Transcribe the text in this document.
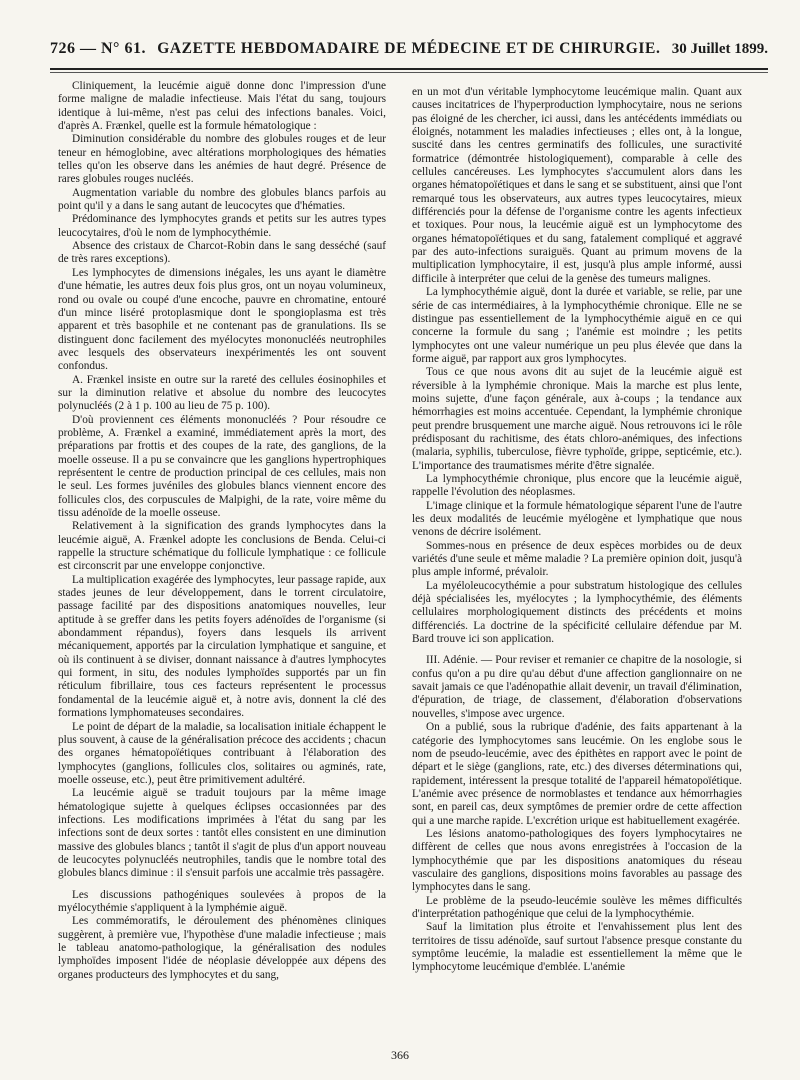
726 — N° 61. GAZETTE HEBDOMADAIRE DE MÉDECINE ET DE CHIRURGIE. 30 Juillet 1899.

Cliniquement, la leucémie aiguë donne donc l'impression d'une forme maligne de maladie infectieuse. Mais l'état du sang, toujours identique à lui-même, n'est pas celui des infections banales. Voici, d'après A. Frænkel, quelle est la formule hématologique :

Diminution considérable du nombre des globules rouges et de leur teneur en hémoglobine, avec altérations morphologiques des hématies telles qu'on les observe dans les anémies de haut degré. Présence de rares globules rouges nucléés.

Augmentation variable du nombre des globules blancs parfois au point qu'il y a dans le sang autant de leucocytes que d'hématies.

Prédominance des lymphocytes grands et petits sur les autres types leucocytaires, d'où le nom de lymphocythémie.

Absence des cristaux de Charcot-Robin dans le sang desséché (sauf de très rares exceptions).

Les lymphocytes de dimensions inégales, les uns ayant le diamètre d'une hématie, les autres deux fois plus gros, ont un noyau volumineux, rond ou ovale ou coupé d'une encoche, pauvre en chromatine, entouré d'un mince liséré protoplasmique dont le spongioplasma est très apparent et très basophile et ne contenant pas de granulations. Ils se distinguent donc facilement des myélocytes mononucléés neutrophiles avec lesquels des observateurs inexpérimentés les ont souvent confondus.

A. Frænkel insiste en outre sur la rareté des cellules éosinophiles et sur la diminution relative et absolue du nombre des leucocytes polynucléés (2 à 1 p. 100 au lieu de 75 p. 100).

D'où proviennent ces éléments mononucléés ? Pour résoudre ce problème, A. Frænkel a examiné, immédiatement après la mort, des préparations par frottis et des coupes de la rate, des ganglions, de la moelle osseuse. Il a pu se convaincre que les ganglions hypertrophiques représentent le centre de production principal de ces cellules, mais non le seul. Les formes juvéniles des globules blancs viennent encore des follicules clos, des corpuscules de Malpighi, de la rate, voire même du tissu adénoïde de la moelle osseuse.

Relativement à la signification des grands lymphocytes dans la leucémie aiguë, A. Frænkel adopte les conclusions de Benda. Celui-ci rappelle la structure schématique du follicule lymphatique : ce follicule est circonscrit par une enveloppe conjonctive.

La multiplication exagérée des lymphocytes, leur passage rapide, aux stades jeunes de leur développement, dans le torrent circulatoire, passage facilité par des dispositions anatomiques nouvelles, leur aptitude à se greffer dans les petits foyers adénoïdes de l'organisme (si abondamment répandus), foyers dans lesquels ils arrivent mécaniquement, apportés par la circulation lymphatique et sanguine, et où ils continuent à se diviser, donnant naissance à d'autres lymphocytes qui forment, in situ, des nodules lymphoïdes supportés par un fin réticulum fibrillaire, tous ces facteurs représentent le processus fondamental de la leucémie aiguë et, à notre avis, donnent la clé des formations lymphomateuses secondaires.

Le point de départ de la maladie, sa localisation initiale échappent le plus souvent, à cause de la généralisation précoce des accidents ; chacun des organes hématopoïétiques contribuant à l'élaboration des lymphocytes (ganglions, follicules clos, solitaires ou agminés, rate, moelle osseuse, etc.), peut être primitivement adultéré.

La leucémie aiguë se traduit toujours par la même image hématologique sujette à quelques éclipses occasionnées par des infections. Les modifications imprimées à l'état du sang par les infections sont de deux sortes : tantôt elles consistent en une diminution massive des globules blancs ; tantôt il s'agit de plus d'un apport nouveau de leucocytes polynucléés neutrophiles, tandis que le nombre total des globules blancs diminue : il s'ensuit parfois une accalmie très passagère.

Les discussions pathogéniques soulevées à propos de la myélocythémie s'appliquent à la lymphémie aiguë.

Les commémoratifs, le déroulement des phénomènes cliniques suggèrent, à première vue, l'hypothèse d'une maladie infectieuse ; mais le tableau anatomo-pathologique, la généralisation des nodules lymphoïdes imposent l'idée de néoplasie développée aux dépens des organes producteurs des lymphocytes et du sang,

en un mot d'un véritable lymphocytome leucémique malin. Quant aux causes incitatrices de l'hyperproduction lymphocytaire, nous ne serions pas éloigné de les chercher, ici aussi, dans les antécédents immédiats ou éloignés, notamment les maladies infectieuses ; elles ont, à la longue, suscité dans les centres germinatifs des follicules, une suractivité formatrice (démontrée histologiquement), comparable à celle des cellules cancéreuses. Les lymphocytes s'accumulent alors dans les organes hématopoïétiques et dans le sang et se substituent, ainsi que l'ont remarqué tous les observateurs, aux autres types leucocytaires, mieux différenciés pour la défense de l'organisme contre les agents infectieux et toxiques. Pour nous, la leucémie aiguë est un lymphocytome des organes hématopoïétiques et du sang, fatalement compliqué et aggravé par des auto-infections suraiguës. Quant au primum movens de la multiplication lymphocytaire, il est, jusqu'à plus ample informé, aussi difficile à interpréter que celui de la genèse des tumeurs malignes.

La lymphocythémie aiguë, dont la durée et variable, se relie, par une série de cas intermédiaires, à la lymphocythémie chronique. Elle ne se distingue pas essentiellement de la lymphocythémie aiguë en ce qui concerne la formule du sang ; l'anémie est moindre ; les petits lymphocytes ont une valeur numérique un peu plus élevée que dans la forme aiguë, par rapport aux gros lymphocytes.

Tous ce que nous avons dit au sujet de la leucémie aiguë est réversible à la lymphémie chronique. Mais la marche est plus lente, moins sujette, d'une façon générale, aux à-coups ; la tendance aux hémorrhagies est moins accentuée. Cependant, la lymphémie chronique peut prendre brusquement une marche aiguë. Nous retrouvons ici le rôle prédisposant du rachitisme, des états chloro-anémiques, des infections (malaria, syphilis, tuberculose, fièvre typhoïde, grippe, septicémie, etc.). L'importance des traumatismes mérite d'être signalée.

La lymphocythémie chronique, plus encore que la leucémie aiguë, rappelle l'évolution des néoplasmes.

L'image clinique et la formule hématologique séparent l'une de l'autre les deux modalités de leucémie myélogène et lymphatique que nous venons de décrire isolément.

Sommes-nous en présence de deux espèces morbides ou de deux variétés d'une seule et même maladie ? La première opinion doit, jusqu'à plus ample informé, prévaloir.

La myéloleucocythémie a pour substratum histologique des cellules déjà spécialisées les, myélocytes ; la lymphocythémie, des éléments cellulaires morphologiquement distincts des précédents et moins différenciés. La doctrine de la spécificité cellulaire défendue par M. Bard trouve ici son application.

III. Adénie. — Pour reviser et remanier ce chapitre de la nosologie, si confus qu'on a pu dire qu'au début d'une affection ganglionnaire on ne savait jamais ce que l'adénopathie allait devenir, un travail d'élimination, d'épuration, de triage, de classement, d'élaboration d'observations nouvelles, s'impose avec urgence.

On a publié, sous la rubrique d'adénie, des faits appartenant à la catégorie des lymphocytomes sans leucémie. On les englobe sous le nom de pseudo-leucémie, avec des épithètes en rapport avec le point de départ et le siège (ganglions, rate, etc.) des diverses déterminations qui, rapidement, intéressent la presque totalité de l'appareil hématopoïétique. L'anémie avec présence de normoblastes et tendance aux hémorrhagies sont, en pareil cas, deux symptômes de premier ordre de cette affection qui a une marche rapide. L'excrétion urique est habituellement exagérée.

Les lésions anatomo-pathologiques des foyers lymphocytaires ne diffèrent de celles que nous avons enregistrées à l'occasion de la lymphocythémie que par les dispositions anatomiques du réseau vasculaire des ganglions, dispositions moins favorables au passage des lymphocytes dans le sang.

Le problème de la pseudo-leucémie soulève les mêmes difficultés d'interprétation pathogénique que celui de la lymphocythémie.

Sauf la limitation plus étroite et l'envahissement plus lent des territoires de tissu adénoïde, sauf surtout l'absence presque constante du symptôme leucémie, la maladie est essentiellement la même que le lymphocytome leucémique d'emblée. L'anémie

366
